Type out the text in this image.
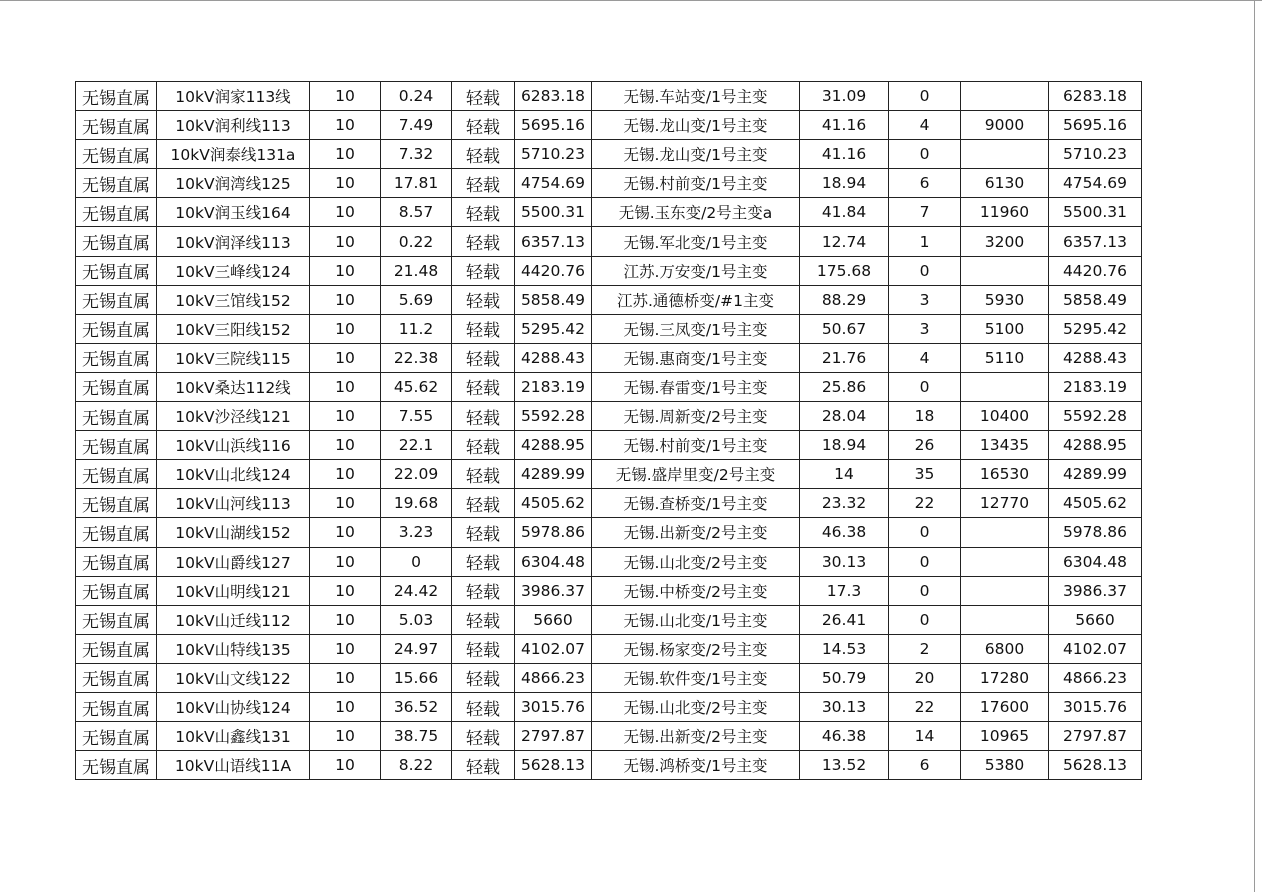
无锡直属	10kV润家113线	10	0.24	轻载	6283.18	无锡.车站变/1号主变	31.09	0		6283.18
无锡直属	10kV润利线113	10	7.49	轻载	5695.16	无锡.龙山变/1号主变	41.16	4	9000	5695.16
无锡直属	10kV润泰线131a	10	7.32	轻载	5710.23	无锡.龙山变/1号主变	41.16	0		5710.23
无锡直属	10kV润湾线125	10	17.81	轻载	4754.69	无锡.村前变/1号主变	18.94	6	6130	4754.69
无锡直属	10kV润玉线164	10	8.57	轻载	5500.31	无锡.玉东变/2号主变a	41.84	7	11960	5500.31
无锡直属	10kV润泽线113	10	0.22	轻载	6357.13	无锡.军北变/1号主变	12.74	1	3200	6357.13
无锡直属	10kV三峰线124	10	21.48	轻载	4420.76	江苏.万安变/1号主变	175.68	0		4420.76
无锡直属	10kV三馆线152	10	5.69	轻载	5858.49	江苏.通德桥变/#1主变	88.29	3	5930	5858.49
无锡直属	10kV三阳线152	10	11.2	轻载	5295.42	无锡.三凤变/1号主变	50.67	3	5100	5295.42
无锡直属	10kV三院线115	10	22.38	轻载	4288.43	无锡.惠商变/1号主变	21.76	4	5110	4288.43
无锡直属	10kV桑达112线	10	45.62	轻载	2183.19	无锡.春雷变/1号主变	25.86	0		2183.19
无锡直属	10kV沙泾线121	10	7.55	轻载	5592.28	无锡.周新变/2号主变	28.04	18	10400	5592.28
无锡直属	10kV山浜线116	10	22.1	轻载	4288.95	无锡.村前变/1号主变	18.94	26	13435	4288.95
无锡直属	10kV山北线124	10	22.09	轻载	4289.99	无锡.盛岸里变/2号主变	14	35	16530	4289.99
无锡直属	10kV山河线113	10	19.68	轻载	4505.62	无锡.查桥变/1号主变	23.32	22	12770	4505.62
无锡直属	10kV山湖线152	10	3.23	轻载	5978.86	无锡.出新变/2号主变	46.38	0		5978.86
无锡直属	10kV山爵线127	10	0	轻载	6304.48	无锡.山北变/2号主变	30.13	0		6304.48
无锡直属	10kV山明线121	10	24.42	轻载	3986.37	无锡.中桥变/2号主变	17.3	0		3986.37
无锡直属	10kV山迁线112	10	5.03	轻载	5660	无锡.山北变/1号主变	26.41	0		5660
无锡直属	10kV山特线135	10	24.97	轻载	4102.07	无锡.杨家变/2号主变	14.53	2	6800	4102.07
无锡直属	10kV山文线122	10	15.66	轻载	4866.23	无锡.软件变/1号主变	50.79	20	17280	4866.23
无锡直属	10kV山协线124	10	36.52	轻载	3015.76	无锡.山北变/2号主变	30.13	22	17600	3015.76
无锡直属	10kV山鑫线131	10	38.75	轻载	2797.87	无锡.出新变/2号主变	46.38	14	10965	2797.87
无锡直属	10kV山语线11A	10	8.22	轻载	5628.13	无锡.鸿桥变/1号主变	13.52	6	5380	5628.13
